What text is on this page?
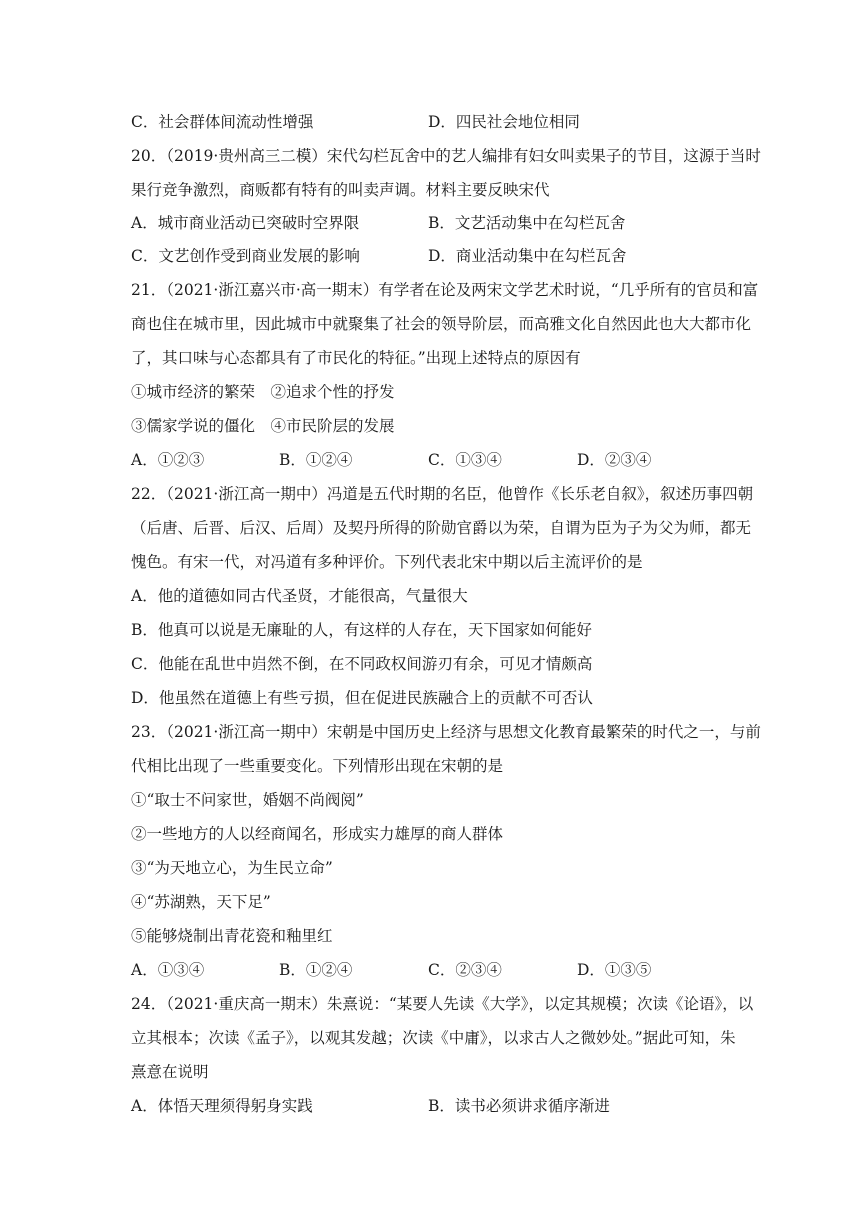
C．社会群体间流动性增强	D．四民社会地位相同
20．（2019·贵州高三二模）宋代勾栏瓦舍中的艺人编排有妇女叫卖果子的节目，这源于当时
果行竞争激烈，商贩都有特有的叫卖声调。材料主要反映宋代
A．城市商业活动已突破时空界限	B．文艺活动集中在勾栏瓦舍
C．文艺创作受到商业发展的影响	D．商业活动集中在勾栏瓦舍
21．（2021·浙江嘉兴市·高一期末）有学者在论及两宋文学艺术时说，“几乎所有的官员和富
商也住在城市里，因此城市中就聚集了社会的领导阶层，而高雅文化自然因此也大大都市化
了，其口味与心态都具有了市民化的特征。”出现上述特点的原因有
①城市经济的繁荣　②追求个性的抒发
③儒家学说的僵化　④市民阶层的发展
A．①②③	B．①②④	C．①③④	D．②③④
22．（2021·浙江高一期中）冯道是五代时期的名臣，他曾作《长乐老自叙》，叙述历事四朝
（后唐、后晋、后汉、后周）及契丹所得的阶勋官爵以为荣，自谓为臣为子为父为师，都无
愧色。有宋一代，对冯道有多种评价。下列代表北宋中期以后主流评价的是
A．他的道德如同古代圣贤，才能很高，气量很大
B．他真可以说是无廉耻的人，有这样的人存在，天下国家如何能好
C．他能在乱世中岿然不倒，在不同政权间游刃有余，可见才情颇高
D．他虽然在道德上有些亏损，但在促进民族融合上的贡献不可否认
23．（2021·浙江高一期中）宋朝是中国历史上经济与思想文化教育最繁荣的时代之一，与前
代相比出现了一些重要变化。下列情形出现在宋朝的是
①“取士不问家世，婚姻不尚阀阅”
②一些地方的人以经商闻名，形成实力雄厚的商人群体
③“为天地立心，为生民立命”
④“苏湖熟，天下足”
⑤能够烧制出青花瓷和釉里红
A．①③④	B．①②④	C．②③④	D．①③⑤
24．（2021·重庆高一期末）朱熹说：“某要人先读《大学》，以定其规模；次读《论语》，以
立其根本；次读《孟子》，以观其发越；次读《中庸》，以求古人之微妙处。”据此可知，朱
熹意在说明
A．体悟天理须得躬身实践	B．读书必须讲求循序渐进
